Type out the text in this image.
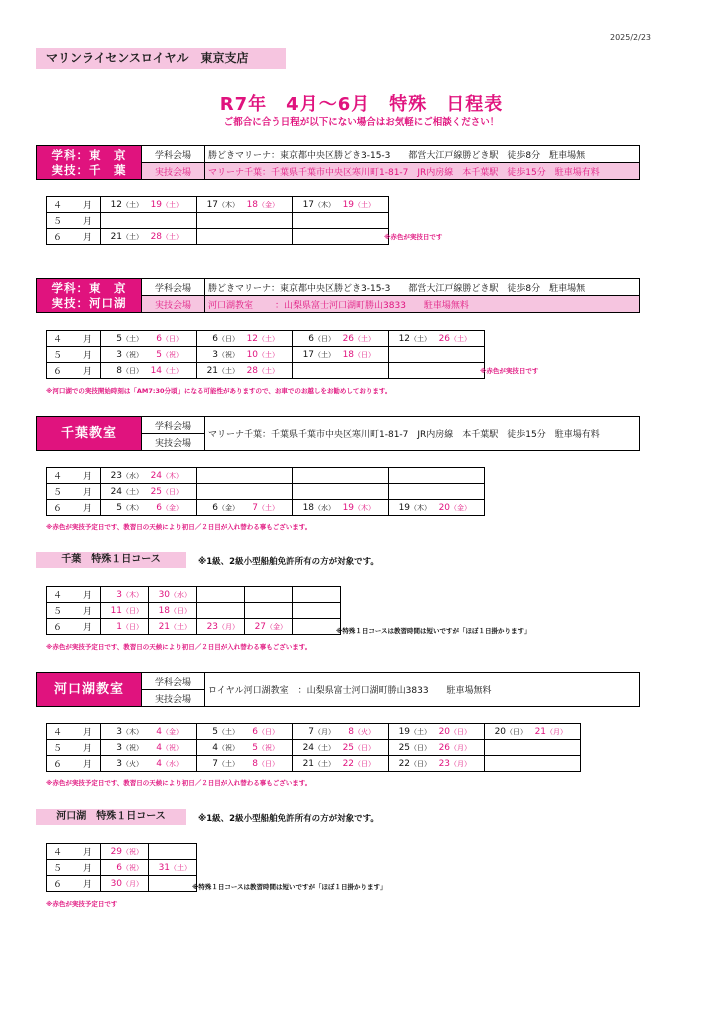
2025/2/23
マリンライセンスロイヤル　東京支店
R7年　4月～6月　特殊　日程表
ご都合に合う日程が以下にない場合はお気軽にご相談ください！
学科：東　京
実技：千　葉	学科会場	勝どきマリーナ：東京都中央区勝どき3-15-3　　都営大江戸線勝どき駅　徒歩8分　駐車場無
	実技会場	マリーナ千葉：千葉県千葉市中央区寒川町1-81-7　JR内房線　本千葉駅　徒歩15分　駐車場有料
４　月	12（土） 19（土）	17（木） 18（金）	17（木） 19（土）
５　月			
６　月	21（土） 28（土）			※赤色が実技日です
学科：東　京
実技：河口湖	学科会場	勝どきマリーナ：東京都中央区勝どき3-15-3　　都営大江戸線勝どき駅　徒歩8分　駐車場無
	実技会場	河口湖教室 ：山梨県富士河口湖町勝山3833　　駐車場無料
４　月	5（土） 6（日）	6（日） 12（土）	6（日） 26（土）	12（土） 26（土）
５　月	3（祝） 5（祝）	3（祝） 10（土）	17（土） 18（日）	
６　月	8（日） 14（土）	21（土） 28（土）			※赤色が実技日です
※河口湖での実技開始時刻は「AM7:30分頃」になる可能性がありますので、お車でのお越しをお勧めしております。
千葉教室	学科会場	マリーナ千葉：千葉県千葉市中央区寒川町1-81-7　JR内房線　本千葉駅　徒歩15分　駐車場有料
実技会場
４　月	23（水） 24（木）			
５　月	24（土） 25（日）			
６　月	5（木） 6（金）	6（金） 7（土）	18（水） 19（木）	19（木） 20（金）
※赤色が実技予定日です、教習日の天候により初日／２日目が入れ替わる事もございます。
千葉　特殊１日コース	※1級、2級小型船舶免許所有の方が対象です。
４　月	3（木）	30（水）			
５　月	11（日）	18（日）			
６　月	1（日）	21（土）	23（月）	27（金）	
※特殊１日コースは教習時間は短いですが「ほぼ１日掛かります」
※赤色が実技予定日です、教習日の天候により初日／２日目が入れ替わる事もございます。
河口湖教室	学科会場	ロイヤル河口湖教室　：山梨県富士河口湖町勝山3833　　駐車場無料
実技会場
４　月	3（木） 4（金）	5（土） 6（日）	7（月） 8（火）	19（土） 20（日）	20（日） 21（月）
５　月	3（祝） 4（祝）	4（祝） 5（祝）	24（土） 25（日）	25（日） 26（月）	
６　月	3（火） 4（水）	7（土） 8（日）	21（土） 22（日）	22（日） 23（月）	
※赤色が実技予定日です、教習日の天候により初日／２日目が入れ替わる事もございます。
河口湖　特殊１日コース	※1級、2級小型船舶免許所有の方が対象です。
４　月	29（祝）	
５　月	6（祝）	31（土）
６　月	30（月）		※特殊１日コースは教習時間は短いですが「ほぼ１日掛かります」
※赤色が実技予定日です
